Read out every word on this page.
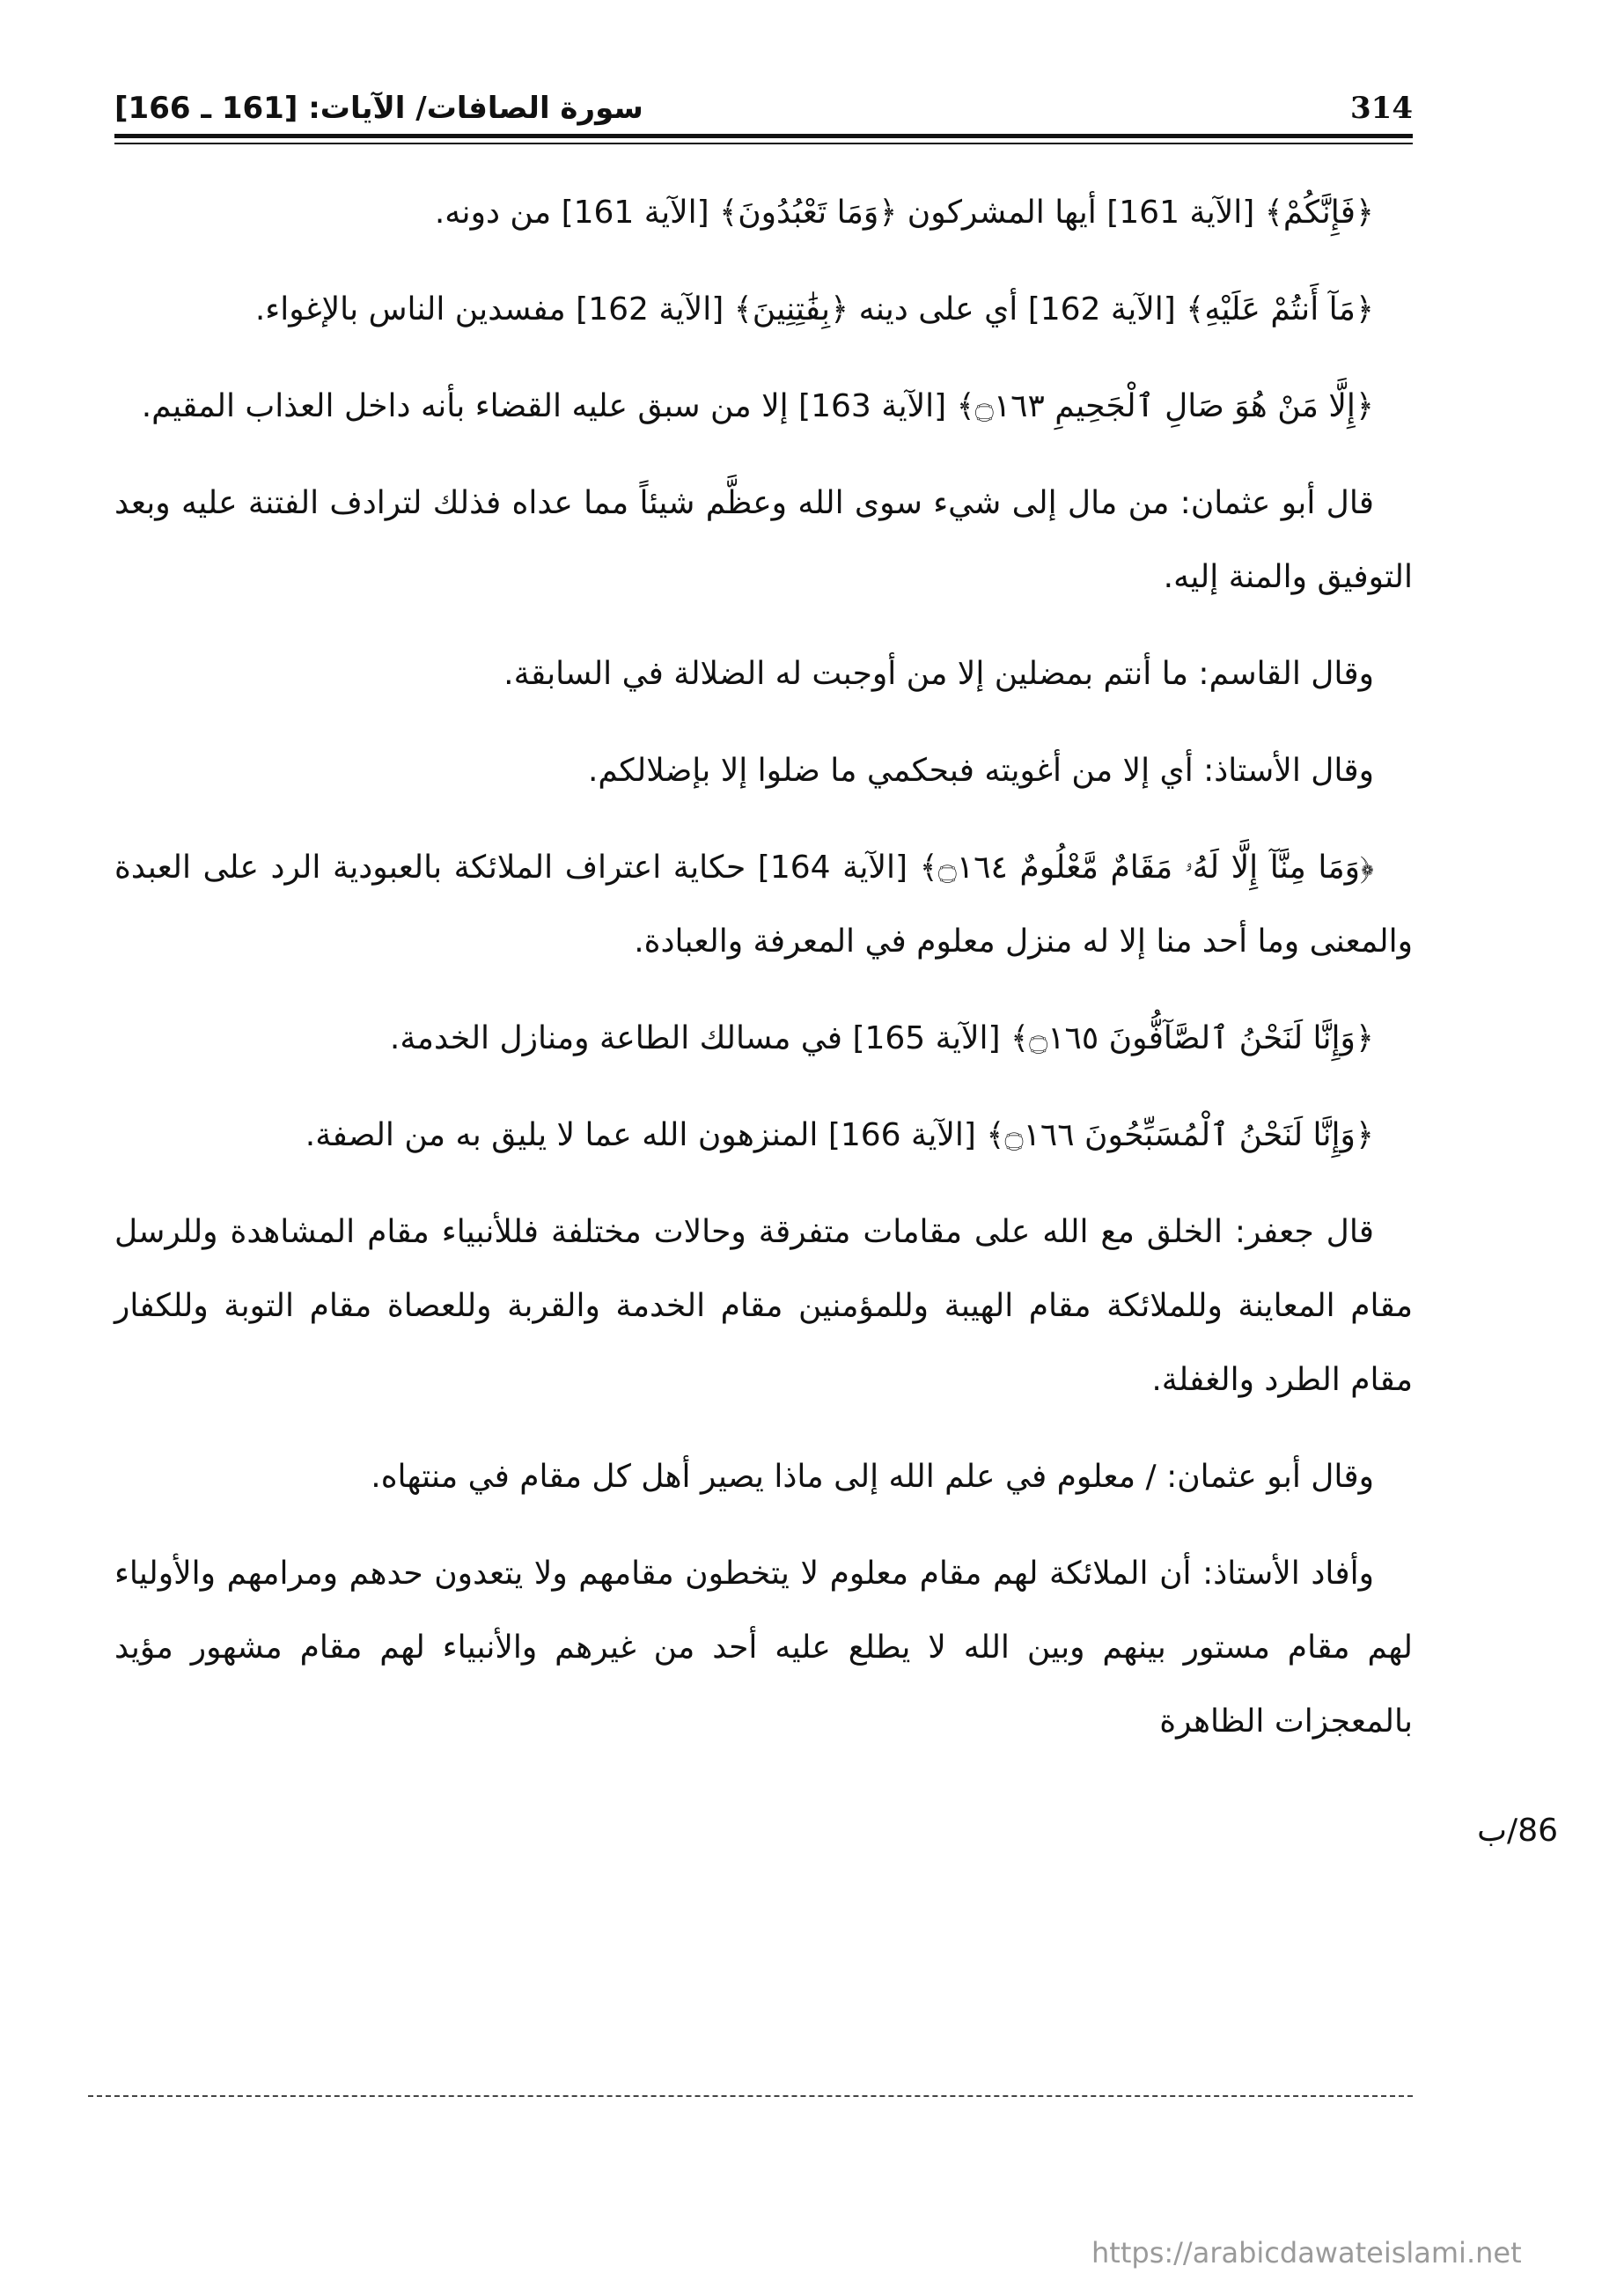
314
سورة الصافات/ الآيات: [161 ـ 166]

﴿فَإِنَّكُمْ﴾ [الآية 161] أيها المشركون ﴿وَمَا تَعْبُدُونَ﴾ [الآية 161] من دونه.

﴿مَآ أَنتُمْ عَلَيْهِ﴾ [الآية 162] أي على دينه ﴿بِفَٰتِنِينَ﴾ [الآية 162] مفسدين الناس بالإغواء.

﴿إِلَّا مَنْ هُوَ صَالِ ٱلْجَحِيمِ ۝١٦٣﴾ [الآية 163] إلا من سبق عليه القضاء بأنه داخل العذاب المقيم.

قال أبو عثمان: من مال إلى شيء سوى الله وعظَّم شيئاً مما عداه فذلك لترادف الفتنة عليه وبعد التوفيق والمنة إليه.

وقال القاسم: ما أنتم بمضلين إلا من أوجبت له الضلالة في السابقة.

وقال الأستاذ: أي إلا من أغويته فبحكمي ما ضلوا إلا بإضلالكم.

﴿وَمَا مِنَّآ إِلَّا لَهُۥ مَقَامٌ مَّعْلُومٌ ۝١٦٤﴾ [الآية 164] حكاية اعتراف الملائكة بالعبودية الرد على العبدة والمعنى وما أحد منا إلا له منزل معلوم في المعرفة والعبادة.

﴿وَإِنَّا لَنَحْنُ ٱلصَّآفُّونَ ۝١٦٥﴾ [الآية 165] في مسالك الطاعة ومنازل الخدمة.

﴿وَإِنَّا لَنَحْنُ ٱلْمُسَبِّحُونَ ۝١٦٦﴾ [الآية 166] المنزهون الله عما لا يليق به من الصفة.

قال جعفر: الخلق مع الله على مقامات متفرقة وحالات مختلفة فللأنبياء مقام المشاهدة وللرسل مقام المعاينة وللملائكة مقام الهيبة وللمؤمنين مقام الخدمة والقربة وللعصاة مقام التوبة وللكفار مقام الطرد والغفلة.

وقال أبو عثمان: / معلوم في علم الله إلى ماذا يصير أهل كل مقام في منتهاه.

وأفاد الأستاذ: أن الملائكة لهم مقام معلوم لا يتخطون مقامهم ولا يتعدون حدهم ومرامهم والأولياء لهم مقام مستور بينهم وبين الله لا يطلع عليه أحد من غيرهم والأنبياء لهم مقام مشهور مؤيد بالمعجزات الظاهرة

86/ب
https://arabicdawateislami.net
